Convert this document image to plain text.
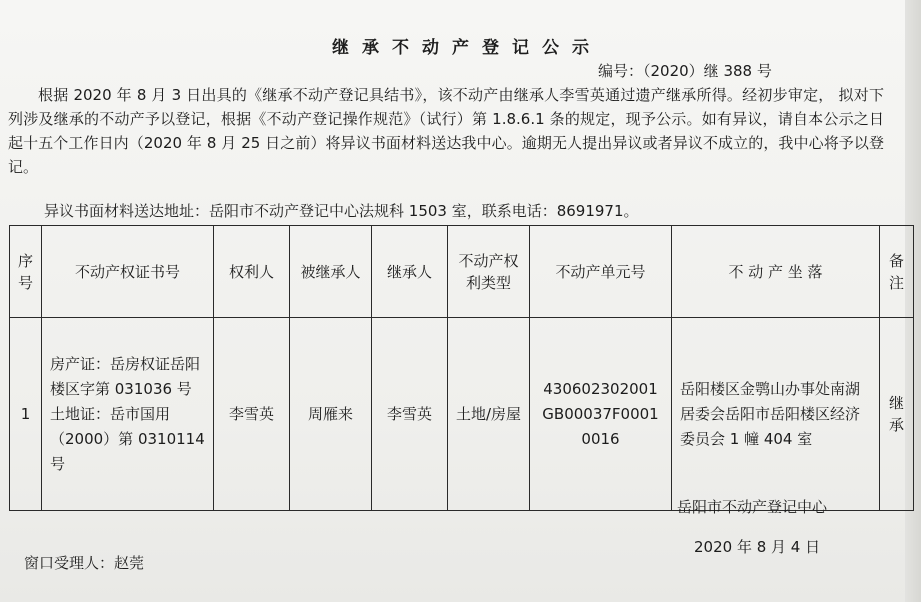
继承不动产登记公示
编号：（2020）继 388 号
根据 2020 年 8 月 3 日出具的《继承不动产登记具结书》，该不动产由继承人李雪英通过遗产继承所得。经初步审定， 拟对下列涉及继承的不动产予以登记，根据《不动产登记操作规范》（试行）第 1.8.6.1 条的规定，现予公示。如有异议，请自本公示之日起十五个工作日内（2020 年 8 月 25 日之前）将异议书面材料送达我中心。逾期无人提出异议或者异议不成立的，我中心将予以登记。
异议书面材料送达地址：岳阳市不动产登记中心法规科 1503 室，联系电话：8691971。
序号	不动产权证书号	权利人	被继承人	继承人	不动产权利类型	不动产单元号	不 动 产 坐 落	备注
1	房产证：岳房权证岳阳楼区字第 031036 号土地证：岳市国用（2000）第 0310114 号	李雪英	周雁来	李雪英	土地/房屋	430602302001GB00037F00010016	岳阳楼区金鹗山办事处南湖居委会岳阳市岳阳楼区经济委员会 1 幢 404 室	继承
岳阳市不动产登记中心
2020 年 8 月 4 日
窗口受理人：赵莞
